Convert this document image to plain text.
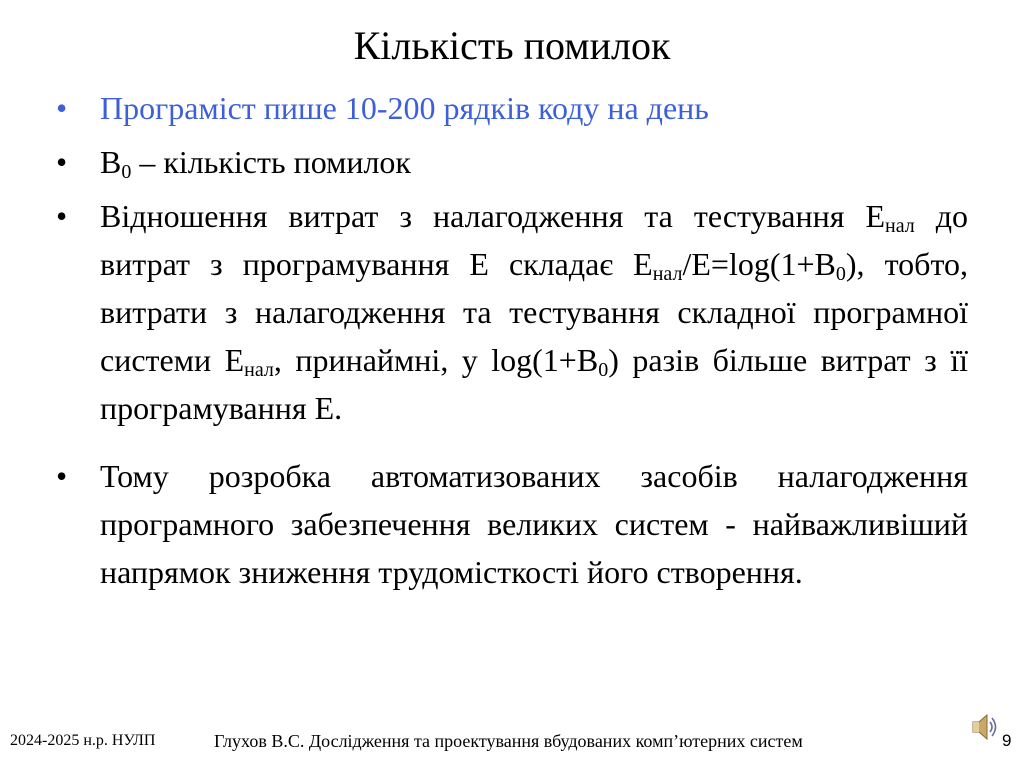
Кількість помилок
•	Програміст пише 10-200 рядків коду на день
•	$B_0$ – кількість помилок
•	Відношення витрат з налагодження та тестування $E_{нал}$ до витрат з програмування E складає $E_{нал}/E=\log(1+B_0)$, тобто, витрати з налагодження та тестування складної програмної системи $E_{нал}$, принаймні, у $\log(1+B_0)$ разів більше витрат з її програмування E.
•	Тому розробка автоматизованих засобів налагодження програмного забезпечення великих систем - найважливіший напрямок зниження трудомісткості його створення.
2024-2025 н.р. НУЛП	Глухов В.С. Дослідження та проектування вбудованих комп’ютерних систем	9
